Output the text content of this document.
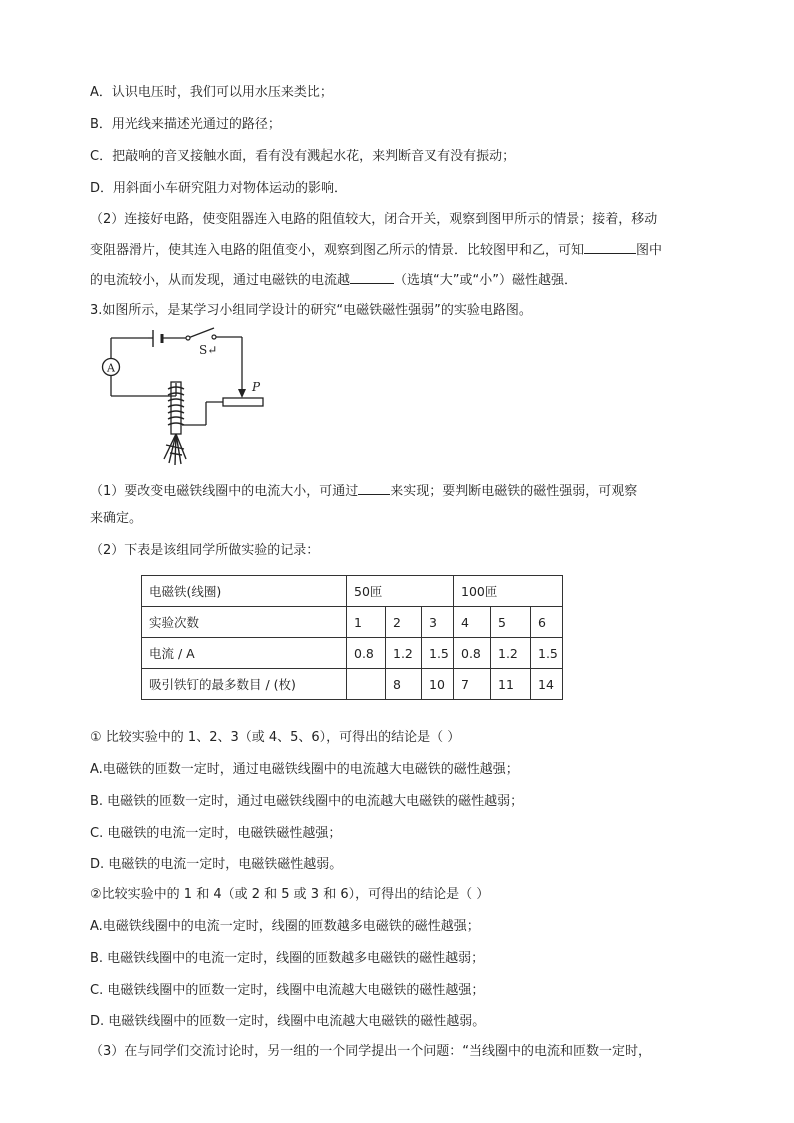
A．认识电压时，我们可以用水压来类比；
B．用光线来描述光通过的路径；
C．把敲响的音叉接触水面，看有没有溅起水花，来判断音叉有没有振动；
D．用斜面小车研究阻力对物体运动的影响．
（2）连接好电路，使变阻器连入电路的阻值较大，闭合开关，观察到图甲所示的情景；接着，移动
变阻器滑片，使其连入电路的阻值变小，观察到图乙所示的情景．比较图甲和乙，可知	图中
的电流较小，从而发现，通过电磁铁的电流越	（选填“大”或“小”）磁性越强．
3.如图所示，是某学习小组同学设计的研究“电磁铁磁性强弱”的实验电路图。
A
S↵
P
（1）要改变电磁铁线圈中的电流大小，可通过 来实现；要判断电磁铁的磁性强弱，可观察
来确定。
（2）下表是该组同学所做实验的记录：
电磁铁(线圈)	50匝			100匝		
实验次数	1	2	3	4	5	6
电流 / A	0.8	1.2	1.5	0.8	1.2	1.5
吸引铁钉的最多数目 / (枚)		8	10	7	11	14
① 比较实验中的 1、2、3（或 4、5、6），可得出的结论是（ ）
A.电磁铁的匝数一定时，通过电磁铁线圈中的电流越大电磁铁的磁性越强；
B. 电磁铁的匝数一定时，通过电磁铁线圈中的电流越大电磁铁的磁性越弱；
C. 电磁铁的电流一定时，电磁铁磁性越强；
D. 电磁铁的电流一定时，电磁铁磁性越弱。
②比较实验中的 1 和 4（或 2 和 5 或 3 和 6），可得出的结论是（ ）
A.电磁铁线圈中的电流一定时，线圈的匝数越多电磁铁的磁性越强；
B. 电磁铁线圈中的电流一定时，线圈的匝数越多电磁铁的磁性越弱；
C. 电磁铁线圈中的匝数一定时，线圈中电流越大电磁铁的磁性越强；
D. 电磁铁线圈中的匝数一定时，线圈中电流越大电磁铁的磁性越弱。
（3）在与同学们交流讨论时，另一组的一个同学提出一个问题：“当线圈中的电流和匝数一定时，
